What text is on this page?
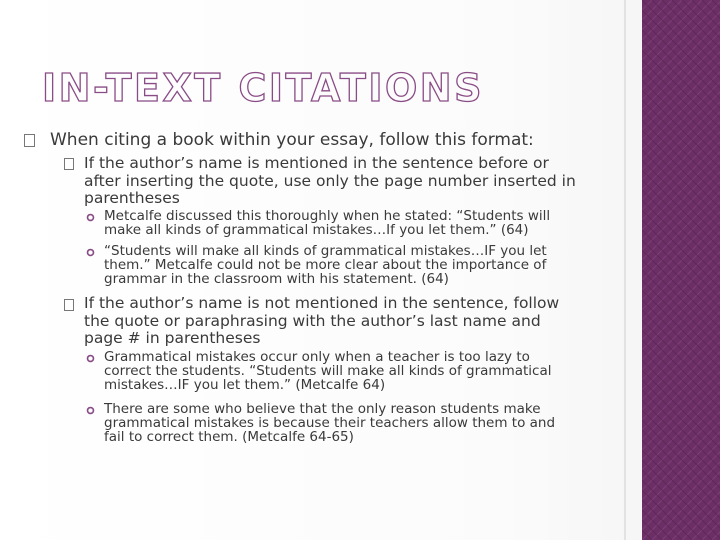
IN-TEXT CITATIONS
When citing a book within your essay, follow this format:
If the author’s name is mentioned in the sentence before or
after inserting the quote, use only the page number inserted in
parentheses
Metcalfe discussed this thoroughly when he stated: “Students will
make all kinds of grammatical mistakes…If you let them.” (64)
“Students will make all kinds of grammatical mistakes…IF you let
them.” Metcalfe could not be more clear about the importance of
grammar in the classroom with his statement. (64)
If the author’s name is not mentioned in the sentence, follow
the quote or paraphrasing with the author’s last name and
page # in parentheses
Grammatical mistakes occur only when a teacher is too lazy to
correct the students. “Students will make all kinds of grammatical
mistakes…IF you let them.” (Metcalfe 64)
There are some who believe that the only reason students make
grammatical mistakes is because their teachers allow them to and
fail to correct them. (Metcalfe 64-65)
